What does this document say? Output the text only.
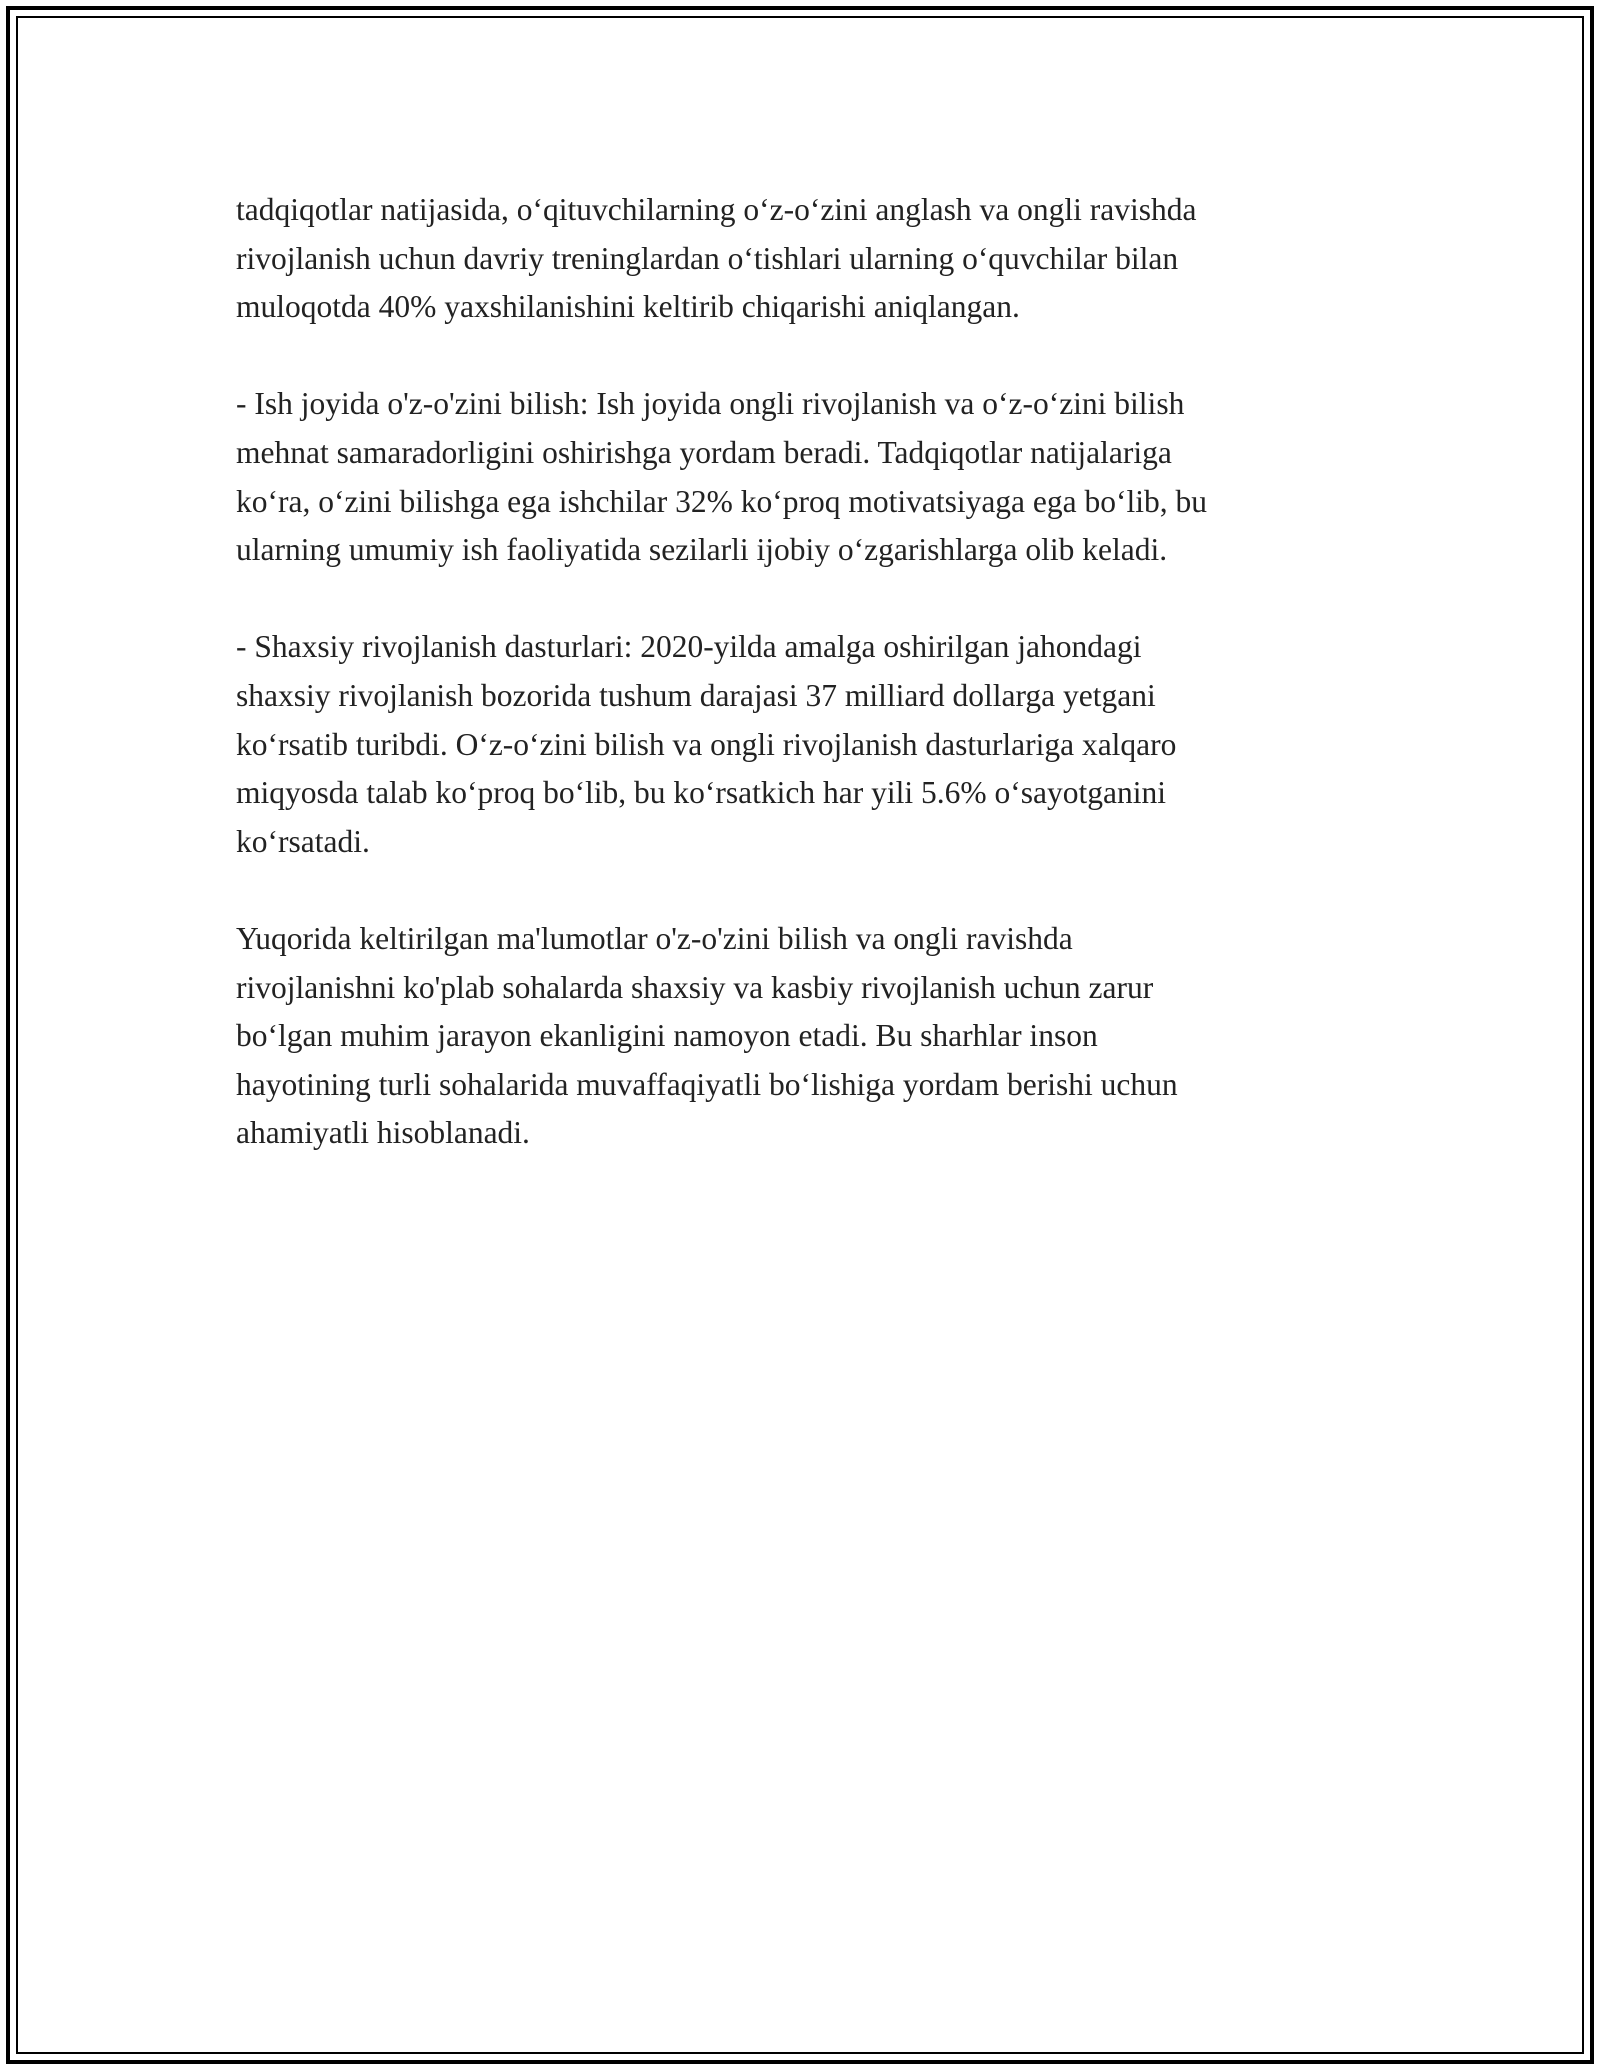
tadqiqotlar natijasida, o‘qituvchilarning o‘z-o‘zini anglash va ongli ravishda
rivojlanish uchun davriy treninglardan o‘tishlari ularning o‘quvchilar bilan
muloqotda 40% yaxshilanishini keltirib chiqarishi aniqlangan.

- Ish joyida o'z-o'zini bilish: Ish joyida ongli rivojlanish va o‘z-o‘zini bilish
mehnat samaradorligini oshirishga yordam beradi. Tadqiqotlar natijalariga
ko‘ra, o‘zini bilishga ega ishchilar 32% ko‘proq motivatsiyaga ega bo‘lib, bu
ularning umumiy ish faoliyatida sezilarli ijobiy o‘zgarishlarga olib keladi.

- Shaxsiy rivojlanish dasturlari: 2020-yilda amalga oshirilgan jahondagi
shaxsiy rivojlanish bozorida tushum darajasi 37 milliard dollarga yetgani
ko‘rsatib turibdi. O‘z-o‘zini bilish va ongli rivojlanish dasturlariga xalqaro
miqyosda talab ko‘proq bo‘lib, bu ko‘rsatkich har yili 5.6% o‘sayotganini
ko‘rsatadi.

Yuqorida keltirilgan ma'lumotlar o'z-o'zini bilish va ongli ravishda
rivojlanishni ko'plab sohalarda shaxsiy va kasbiy rivojlanish uchun zarur
bo‘lgan muhim jarayon ekanligini namoyon etadi. Bu sharhlar inson
hayotining turli sohalarida muvaffaqiyatli bo‘lishiga yordam berishi uchun
ahamiyatli hisoblanadi.
